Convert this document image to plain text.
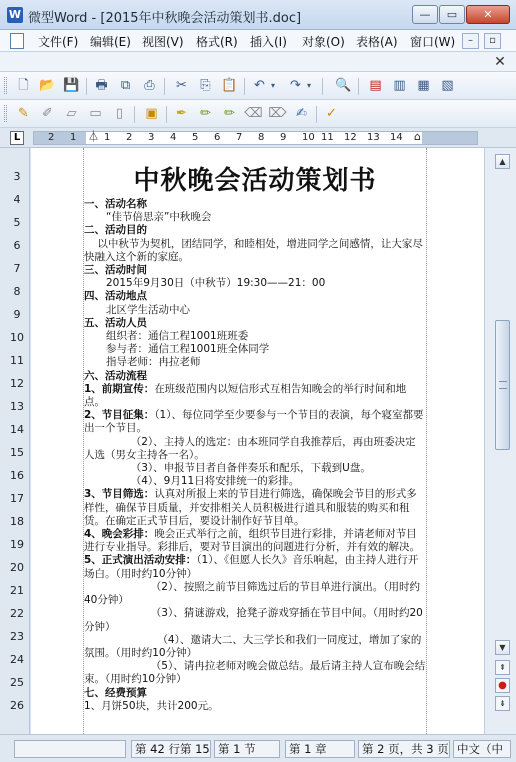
W 微型Word - [2015年中秋晚会活动策划书.doc]	—	▭	✕
文件(F) 编辑(E) 视图(V) 格式(R) 插入(I) 对象(O) 表格(A) 窗口(W)	–	▫
✕
🗋 📂 💾 🖶	⧉	⎙	✂	⎘ 📋	↶ ▾	↷ ▾ 🔍 ▤ ▥ ▦ ▧
✎	✐	▱ ▭	▯	▣	✒	✏	✏ ⌫ ⌦ ✍	✓
L	2 1 ⏃ 1 2 3 4 5 6 7 8 9 10 11 12 13 14 ⌂
3
4
5
6
7
8
9
10
11
12
13
14
15
16
17
18
19
20
21
22
23
24
25
26
中秋晚会活动策划书
一、活动名称
“佳节倍思亲”中秋晚会
二、活动目的
以中秋节为契机，团结同学，和睦相处，增进同学之间感情，让大家尽快融入这个新的家庭。
三、活动时间
2015年9月30日（中秋节）19:30——21：00
四、活动地点
北区学生活动中心
五、活动人员
组织者：通信工程1001班班委
参与者：通信工程1001班全体同学
指导老师：冉拉老师
六、活动流程
1、前期宣传：在班级范围内以短信形式互相告知晚会的举行时间和地点。
2、节目征集：（1）、每位同学至少要参与一个节目的表演，每个寝室都要出一个节目。
（2）、主持人的选定：由本班同学自我推荐后，再由班委决定人选（男女主持各一名）。
（3）、申报节目者自备伴奏乐和配乐，下载到U盘。
（4）、9月11日将安排统一的彩排。
3、节目筛选：认真对所报上来的节目进行筛选，确保晚会节目的形式多样性，确保节目质量，并安排相关人员积极进行道具和服装的购买和租赁。在确定正式节目后，要设计制作好节目单。
4、晚会彩排：晚会正式举行之前，组织节目进行彩排，并请老师对节目进行专业指导。彩排后，要对节目演出的问题进行分析，并有效的解决。
5、正式演出活动安排：（1）、《但愿人长久》音乐响起，由主持人进行开场白。（用时约10分钟）
（2）、按照之前节目筛选过后的节目单进行演出。（用时约40分钟）
（3）、猜谜游戏，抢凳子游戏穿插在节目中间。（用时约20分钟）
（4）、邀请大二、大三学长和我们一同度过，增加了家的氛围。（用时约10分钟）
（5）、请冉拉老师对晚会做总结。最后请主持人宣布晚会结束。（用时约10分钟）
七、经费预算
1、月饼50块，共计200元。
▲
▼
⇞
●
⇟
第 42 行第 15 第 1 节	第 1 章	第 2 页，共 3 页 中文（中
